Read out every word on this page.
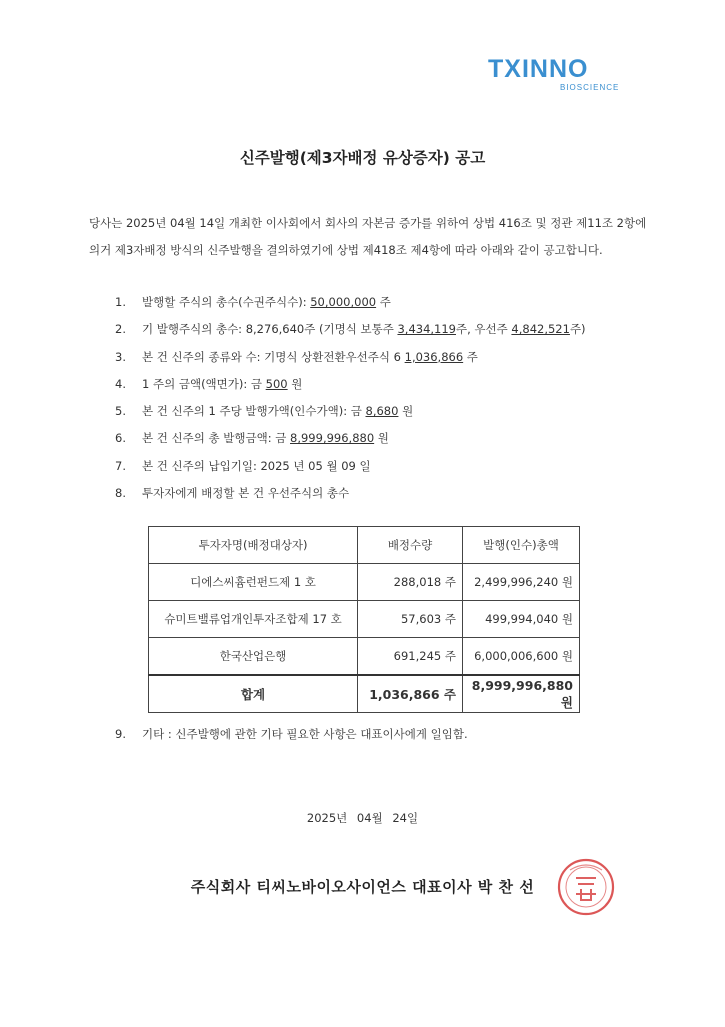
TXINNO
BIOSCIENCE
신주발행(제3자배정 유상증자) 공고
당사는 2025년 04월 14일 개최한 이사회에서 회사의 자본금 증가를 위하여 상법 416조 및 정관 제11조 2항에 의거 제3자배정 방식의 신주발행을 결의하였기에 상법 제418조 제4항에 따라 아래와 같이 공고합니다.
1. 발행할 주식의 총수(수권주식수): 50,000,000 주
2. 기 발행주식의 총수: 8,276,640주 (기명식 보통주 3,434,119주, 우선주 4,842,521주)
3. 본 건 신주의 종류와 수: 기명식 상환전환우선주식 6 1,036,866 주
4. 1 주의 금액(액면가): 금 500 원
5. 본 건 신주의 1 주당 발행가액(인수가액): 금 8,680 원
6. 본 건 신주의 총 발행금액: 금 8,999,996,880 원
7. 본 건 신주의 납입기일: 2025 년 05 월 09 일
8. 투자자에게 배정할 본 건 우선주식의 총수
투자자명(배정대상자)	배정수량	발행(인수)총액
디에스씨흄런펀드제 1 호	288,018 주	2,499,996,240 원
슈미트밸류업개인투자조합제 17 호	57,603 주	499,994,040 원
한국산업은행	691,245 주	6,000,006,600 원
합계	1,036,866 주	8,999,996,880 원
9. 기타 : 신주발행에 관한 기타 필요한 사항은 대표이사에게 일임함.
2025년 04월 24일
주식회사 티씨노바이오사이언스 대표이사 박 찬 선
